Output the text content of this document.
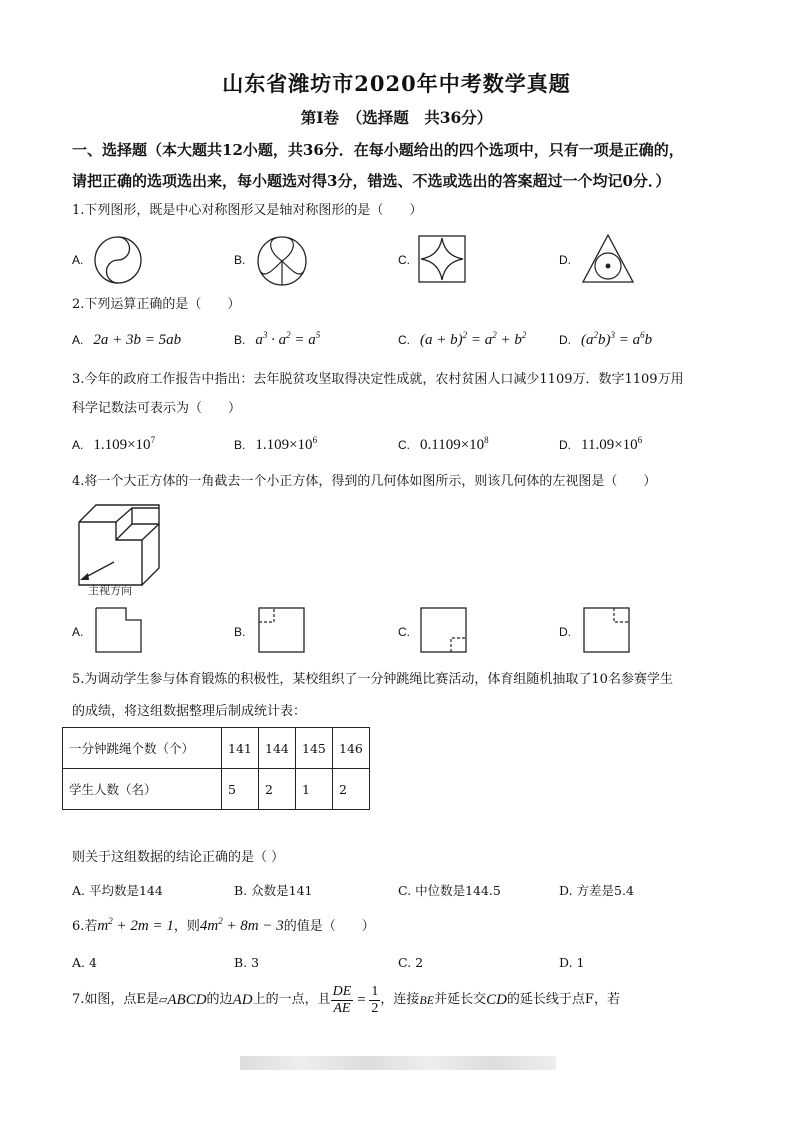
山东省潍坊市2020年中考数学真题
第Ⅰ卷　（选择题　共36分）
一、选择题（本大题共12小题，共36分．在每小题给出的四个选项中，只有一项是正确的，
请把正确的选项选出来，每小题选对得3分，错选、不选或选出的答案超过一个均记0分．）
1.下列图形，既是中心对称图形又是轴对称图形的是（　　）
A.	B.	C.	D.
2.下列运算正确的是（　　）
A. 2a + 3b = 5ab	B. $a^3 \cdot a^2 = a^5$	C. $(a + b)^2 = a^2 + b^2$	D. $(a^2b)^3 = a^6b$
3.今年的政府工作报告中指出：去年脱贫攻坚取得决定性成就，农村贫困人口减少1109万．数字1109万用
科学记数法可表示为（　　）
A. $1.109\times 10^7$	B. $1.109\times 10^6$	C. $0.1109\times 10^8$	D. $11.09\times 10^6$
4.将一个大正方体的一角截去一个小正方体，得到的几何体如图所示，则该几何体的左视图是（　　）
主视方向
A.	B.	C.	D.
5.为调动学生参与体育锻炼的积极性，某校组织了一分钟跳绳比赛活动，体育组随机抽取了10名参赛学生
的成绩，将这组数据整理后制成统计表：
一分钟跳绳个数（个）	141	144	145	146
学生人数（名）	5	2	1	2
则关于这组数据的结论正确的是（ ）
A. 平均数是144	B. 众数是141	C. 中位数是144.5	D. 方差是5.4
6.若$m^2 + 2m = 1$，则$4m^2 + 8m - 3$的值是（　　）
A. 4	B. 3	C. 2	D. 1
7.如图，点E是 ▱ ABCD 的边 AD 上的一点，且 $\frac{DE}{AE} = \frac{1}{2}$ ，连接 BE 并延长交 CD 的延长线于点F，若
